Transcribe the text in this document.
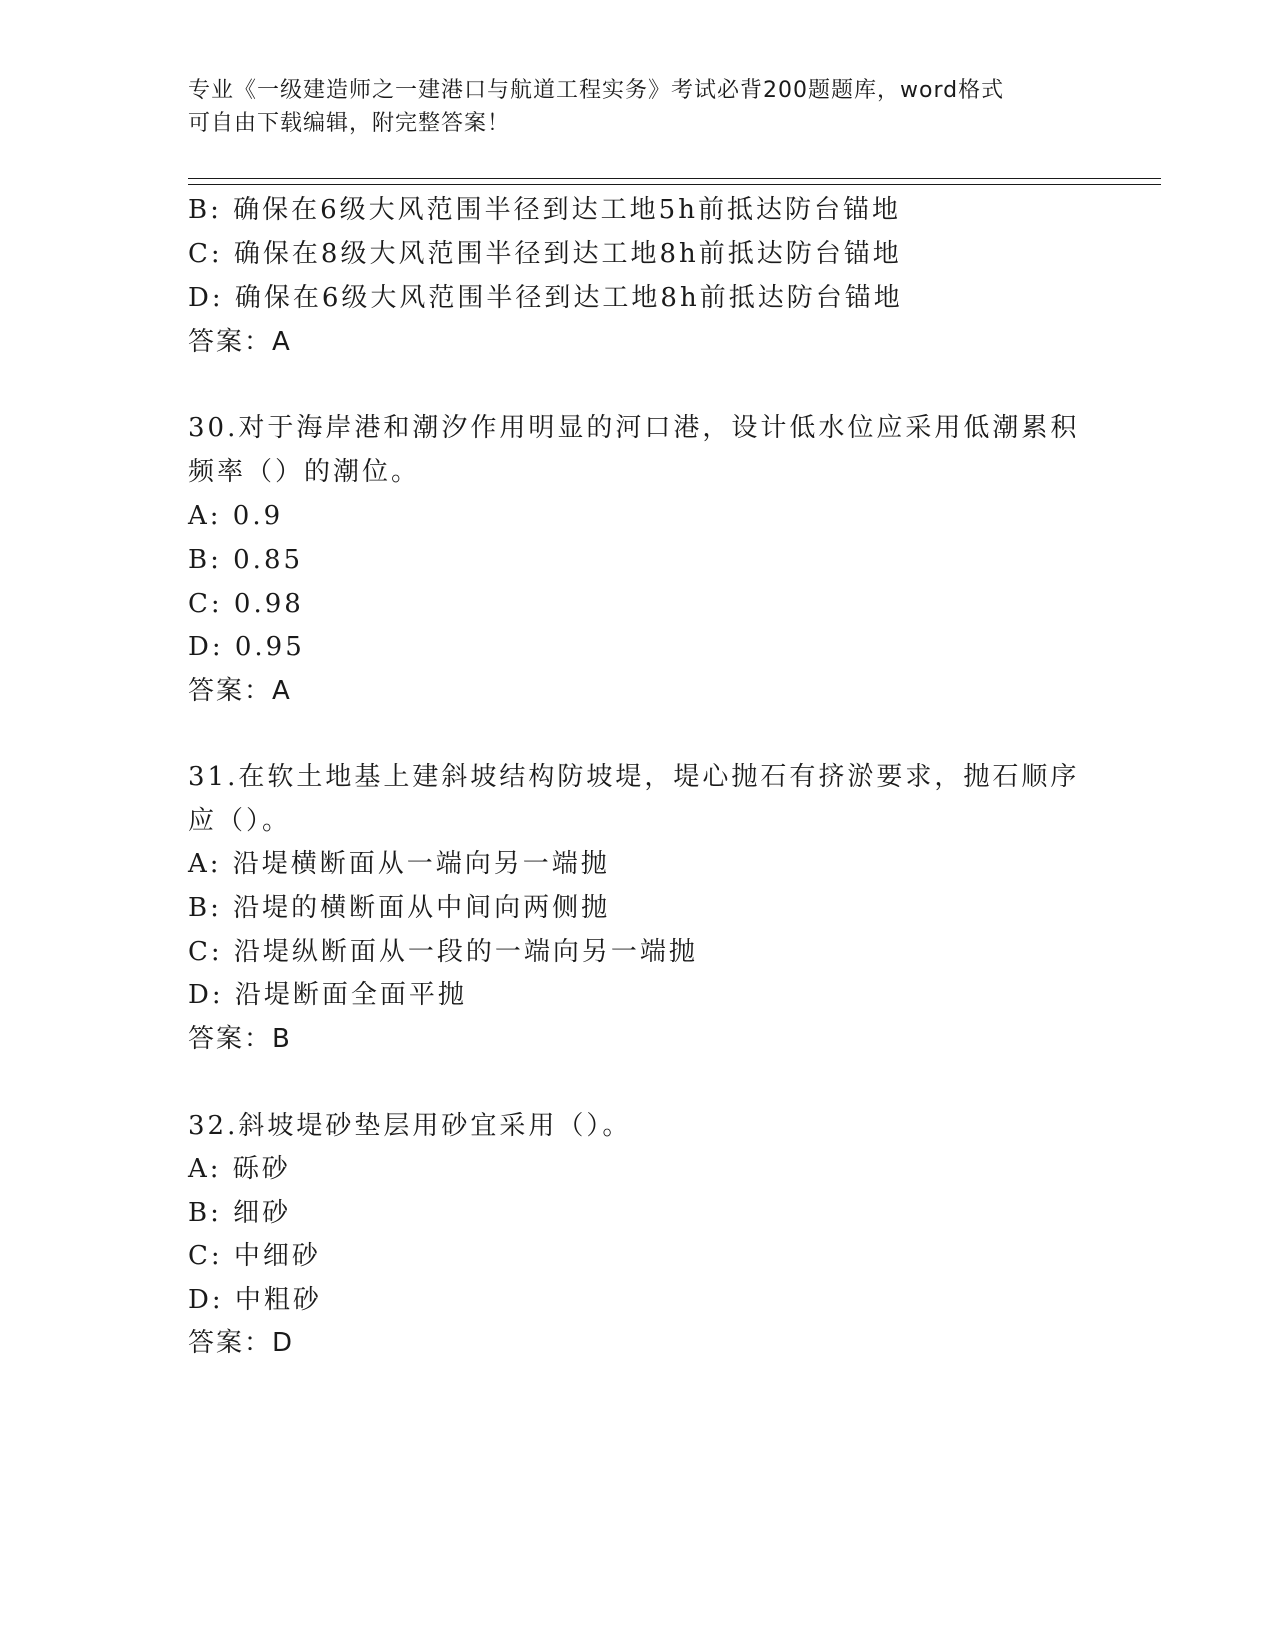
专业《一级建造师之一建港口与航道工程实务》考试必背200题题库，word格式
可自由下载编辑，附完整答案！
B: 确保在6级大风范围半径到达工地5h前抵达防台锚地
C: 确保在8级大风范围半径到达工地8h前抵达防台锚地
D: 确保在6级大风范围半径到达工地8h前抵达防台锚地
答案：A
30.对于海岸港和潮汐作用明显的河口港，设计低水位应采用低潮累积
频率（）的潮位。
A: 0.9
B: 0.85
C: 0.98
D: 0.95
答案：A
31.在软土地基上建斜坡结构防坡堤，堤心抛石有挤淤要求，抛石顺序
应（）。
A: 沿堤横断面从一端向另一端抛
B: 沿堤的横断面从中间向两侧抛
C: 沿堤纵断面从一段的一端向另一端抛
D: 沿堤断面全面平抛
答案：B
32.斜坡堤砂垫层用砂宜采用（）。
A: 砾砂
B: 细砂
C: 中细砂
D: 中粗砂
答案：D
